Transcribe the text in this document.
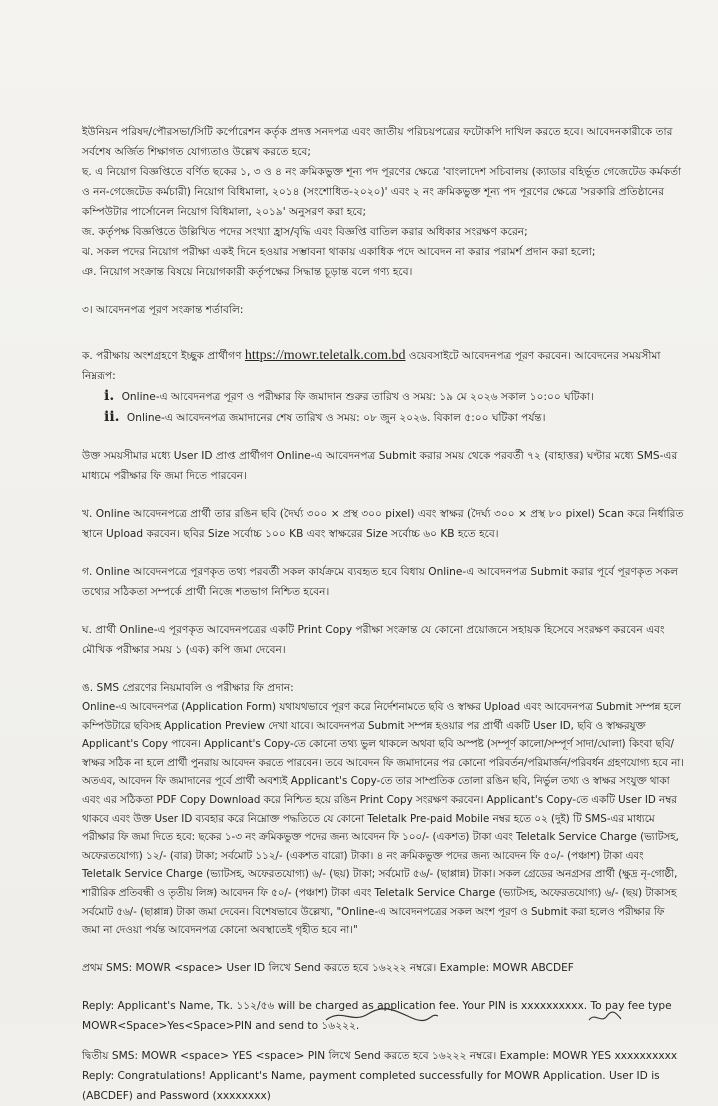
ইউনিয়ন পরিষদ/পৌরসভা/সিটি কর্পোরেশন কর্তৃক প্রদত্ত সনদপত্র এবং জাতীয় পরিচয়পত্রের ফটোকপি দাখিল করতে হবে। আবেদনকারীকে তার সর্বশেষ অর্জিত শিক্ষাগত যোগ্যতাও উল্লেখ করতে হবে;

ছ. এ নিয়োগ বিজ্ঞপ্তিতে বর্ণিত ছকের ১, ৩ ও ৪ নং ক্রমিকভুক্ত শূন্য পদ পূরণের ক্ষেত্রে 'বাংলাদেশ সচিবালয় (ক্যাডার বহির্ভূত গেজেটেড কর্মকর্তা ও নন-গেজেটেড কর্মচারী) নিয়োগ বিধিমালা, ২০১৪ (সংশোধিত-২০২০)' এবং ২ নং ক্রমিকভুক্ত শূন্য পদ পূরণের ক্ষেত্রে 'সরকারি প্রতিষ্ঠানের কম্পিউটার পার্সোনেল নিয়োগ বিধিমালা, ২০১৯' অনুসরণ করা হবে;

জ. কর্তৃপক্ষ বিজ্ঞপ্তিতে উল্লিখিত পদের সংখ্যা হ্রাস/বৃদ্ধি এবং বিজ্ঞপ্তি বাতিল করার অধিকার সংরক্ষণ করেন;

ঝ. সকল পদের নিয়োগ পরীক্ষা একই দিনে হওয়ার সম্ভাবনা থাকায় একাধিক পদে আবেদন না করার পরামর্শ প্রদান করা হলো;

ঞ. নিয়োগ সংক্রান্ত বিষয়ে নিয়োগকারী কর্তৃপক্ষের সিদ্ধান্ত চূড়ান্ত বলে গণ্য হবে।

৩। আবেদনপত্র পূরণ সংক্রান্ত শর্তাবলি:

ক. পরীক্ষায় অংশগ্রহণে ইচ্ছুক প্রার্থীগণ https://mowr.teletalk.com.bd ওয়েবসাইটে আবেদনপত্র পূরণ করবেন। আবেদনের সময়সীমা নিম্নরূপ:

i. Online-এ আবেদনপত্র পূরণ ও পরীক্ষার ফি জমাদান শুরুর তারিখ ও সময়: ১৯ মে ২০২৬ সকাল ১০:০০ ঘটিকা।

ii. Online-এ আবেদনপত্র জমাদানের শেষ তারিখ ও সময়: ০৮ জুন ২০২৬. বিকাল ৫:০০ ঘটিকা পর্যন্ত।

উক্ত সময়সীমার মধ্যে User ID প্রাপ্ত প্রার্থীগণ Online-এ আবেদনপত্র Submit করার সময় থেকে পরবর্তী ৭২ (বাহাত্তর) ঘণ্টার মধ্যে SMS-এর মাধ্যমে পরীক্ষার ফি জমা দিতে পারবেন।

খ. Online আবেদনপত্রে প্রার্থী তার রঙিন ছবি (দৈর্ঘ্য ৩০০ × প্রস্থ ৩০০ pixel) এবং স্বাক্ষর (দৈর্ঘ্য ৩০০ × প্রস্থ ৮০ pixel) Scan করে নির্ধারিত স্থানে Upload করবেন। ছবির Size সর্বোচ্চ ১০০ KB এবং স্বাক্ষরের Size সর্বোচ্চ ৬০ KB হতে হবে।

গ. Online আবেদনপত্রে পূরণকৃত তথ্য পরবর্তী সকল কার্যক্রমে ব্যবহৃত হবে বিধায় Online-এ আবেদনপত্র Submit করার পূর্বে পূরণকৃত সকল তথ্যের সঠিকতা সম্পর্কে প্রার্থী নিজে শতভাগ নিশ্চিত হবেন।

ঘ. প্রার্থী Online-এ পূরণকৃত আবেদনপত্রের একটি Print Copy পরীক্ষা সংক্রান্ত যে কোনো প্রয়োজনে সহায়ক হিসেবে সংরক্ষণ করবেন এবং মৌখিক পরীক্ষার সময় ১ (এক) কপি জমা দেবেন।

ঙ. SMS প্রেরণের নিয়মাবলি ও পরীক্ষার ফি প্রদান:

Online-এ আবেদনপত্র (Application Form) যথাযথভাবে পূরণ করে নির্দেশনামতে ছবি ও স্বাক্ষর Upload এবং আবেদনপত্র Submit সম্পন্ন হলে কম্পিউটারে ছবিসহ Application Preview দেখা যাবে। আবেদনপত্র Submit সম্পন্ন হওয়ার পর প্রার্থী একটি User ID, ছবি ও স্বাক্ষরযুক্ত Applicant's Copy পাবেন। Applicant's Copy-তে কোনো তথ্য ভুল থাকলে অথবা ছবি অস্পষ্ট (সম্পূর্ণ কালো/সম্পূর্ণ সাদা/ঘোলা) কিংবা ছবি/স্বাক্ষর সঠিক না হলে প্রার্থী পুনরায় আবেদন করতে পারবেন। তবে আবেদন ফি জমাদানের পর কোনো পরিবর্তন/পরিমার্জন/পরিবর্ধন গ্রহণযোগ্য হবে না। অতএব, আবেদন ফি জমাদানের পূর্বে প্রার্থী অবশ্যই Applicant's Copy-তে তার সাম্প্রতিক তোলা রঙিন ছবি, নির্ভুল তথ্য ও স্বাক্ষর সংযুক্ত থাকা এবং এর সঠিকতা PDF Copy Download করে নিশ্চিত হয়ে রঙিন Print Copy সংরক্ষণ করবেন। Applicant's Copy-তে একটি User ID নম্বর থাকবে এবং উক্ত User ID ব্যবহার করে নিম্নোক্ত পদ্ধতিতে যে কোনো Teletalk Pre-paid Mobile নম্বর হতে ০২ (দুই) টি SMS-এর মাধ্যমে পরীক্ষার ফি জমা দিতে হবে: ছকের ১-৩ নং ক্রমিকভুক্ত পদের জন্য আবেদন ফি ১০০/- (একশত) টাকা এবং Teletalk Service Charge (ভ্যাটসহ, অফেরতযোগ্য) ১২/- (বার) টাকা; সর্বমোট ১১২/- (একশত বারো) টাকা। ৪ নং ক্রমিকভুক্ত পদের জন্য আবেদন ফি ৫০/- (পঞ্চাশ) টাকা এবং Teletalk Service Charge (ভ্যাটসহ, অফেরতযোগ্য) ৬/- (ছয়) টাকা; সর্বমোট ৫৬/- (ছাপ্পান্ন) টাকা। সকল গ্রেডের অনগ্রসর প্রার্থী (ক্ষুদ্র নৃ-গোষ্ঠী, শারীরিক প্রতিবন্ধী ও তৃতীয় লিঙ্গ) আবেদন ফি ৫০/- (পঞ্চাশ) টাকা এবং Teletalk Service Charge (ভ্যাটসহ, অফেরতযোগ্য) ৬/- (ছয়) টাকাসহ সর্বমোট ৫৬/- (ছাপ্পান্ন) টাকা জমা দেবেন। বিশেষভাবে উল্লেখ্য, "Online-এ আবেদনপত্রের সকল অংশ পূরণ ও Submit করা হলেও পরীক্ষার ফি জমা না দেওয়া পর্যন্ত আবেদনপত্র কোনো অবস্থাতেই গৃহীত হবে না।"

প্রথম SMS: MOWR <space> User ID লিখে Send করতে হবে ১৬২২২ নম্বরে। Example: MOWR ABCDEF

Reply: Applicant's Name, Tk. ১১২/৫৬ will be charged as application fee. Your PIN is xxxxxxxxxx. To pay fee type MOWR<Space>Yes<Space>PIN and send to ১৬২২২.

দ্বিতীয় SMS: MOWR <space> YES <space> PIN লিখে Send করতে হবে ১৬২২২ নম্বরে। Example: MOWR YES xxxxxxxxxx

Reply: Congratulations! Applicant's Name, payment completed successfully for MOWR Application. User ID is (ABCDEF) and Password (xxxxxxxx)
